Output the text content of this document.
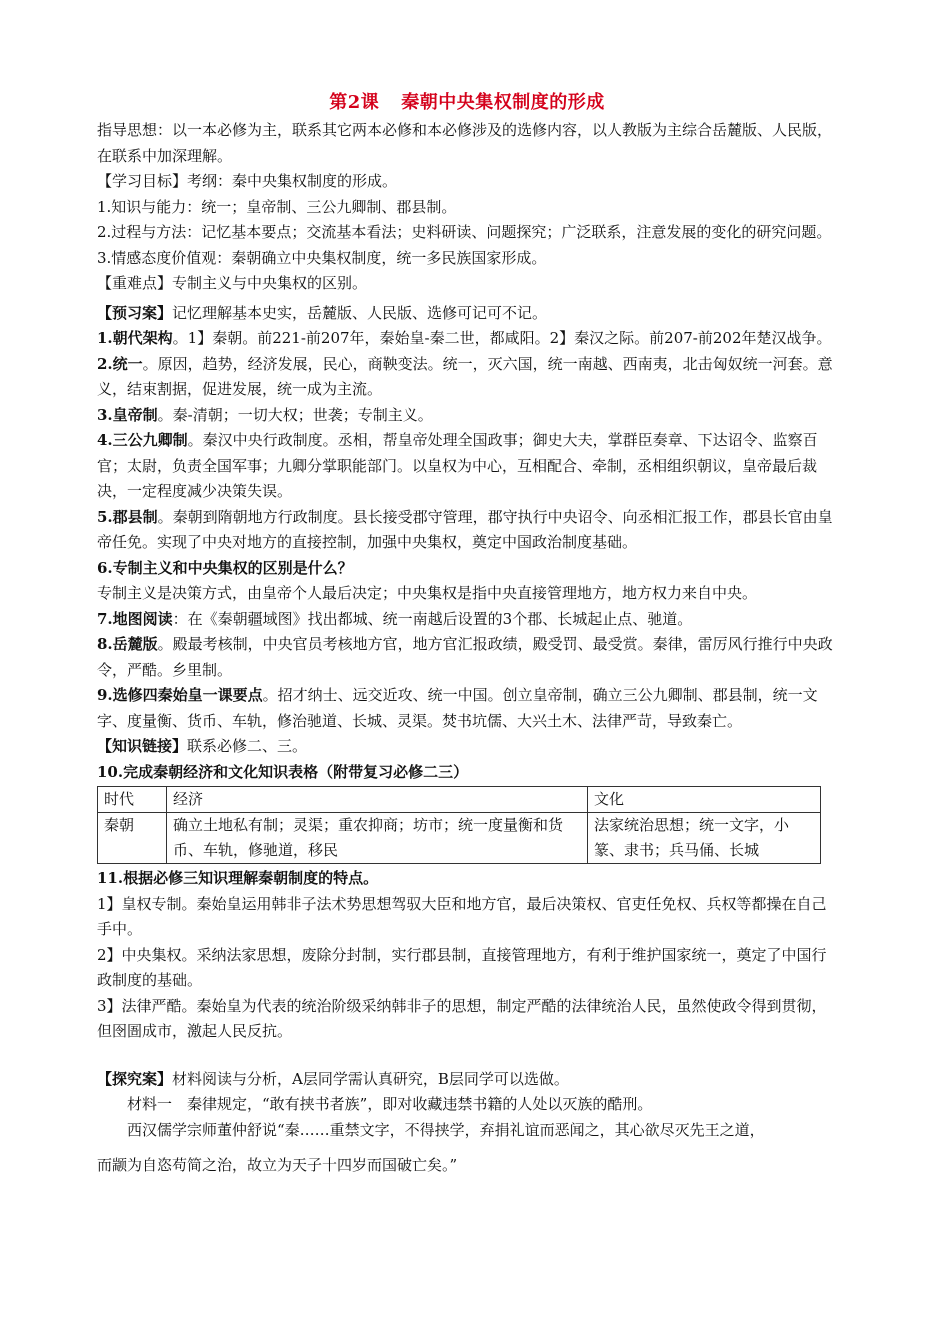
第2课 秦朝中央集权制度的形成

指导思想：以一本必修为主，联系其它两本必修和本必修涉及的选修内容，以人教版为主综合岳麓版、人民版，在联系中加深理解。

【学习目标】考纲：秦中央集权制度的形成。

1.知识与能力：统一；皇帝制、三公九卿制、郡县制。

2.过程与方法：记忆基本要点；交流基本看法；史料研读、问题探究；广泛联系，注意发展的变化的研究问题。

3.情感态度价值观：秦朝确立中央集权制度，统一多民族国家形成。

【重难点】专制主义与中央集权的区别。

【预习案】记忆理解基本史实，岳麓版、人民版、选修可记可不记。

1.朝代架构。1】秦朝。前221-前207年，秦始皇-秦二世，都咸阳。2】秦汉之际。前207-前202年楚汉战争。

2.统一。原因，趋势，经济发展，民心，商鞅变法。统一，灭六国，统一南越、西南夷，北击匈奴统一河套。意义，结束割据，促进发展，统一成为主流。

3.皇帝制。秦-清朝；一切大权；世袭；专制主义。

4.三公九卿制。秦汉中央行政制度。丞相，帮皇帝处理全国政事；御史大夫，掌群臣奏章、下达诏令、监察百官；太尉，负责全国军事；九卿分掌职能部门。以皇权为中心，互相配合、牵制，丞相组织朝议，皇帝最后裁决，一定程度减少决策失误。

5.郡县制。秦朝到隋朝地方行政制度。县长接受郡守管理，郡守执行中央诏令、向丞相汇报工作，郡县长官由皇帝任免。实现了中央对地方的直接控制，加强中央集权，奠定中国政治制度基础。

6.专制主义和中央集权的区别是什么？

专制主义是决策方式，由皇帝个人最后决定；中央集权是指中央直接管理地方，地方权力来自中央。

7.地图阅读：在《秦朝疆域图》找出都城、统一南越后设置的3个郡、长城起止点、驰道。

8.岳麓版。殿最考核制，中央官员考核地方官，地方官汇报政绩，殿受罚、最受赏。秦律，雷厉风行推行中央政令，严酷。乡里制。

9.选修四秦始皇一课要点。招才纳士、远交近攻、统一中国。创立皇帝制，确立三公九卿制、郡县制，统一文字、度量衡、货币、车轨，修治驰道、长城、灵渠。焚书坑儒、大兴土木、法律严苛，导致秦亡。

【知识链接】联系必修二、三。

10.完成秦朝经济和文化知识表格（附带复习必修二三）

时代	经济	文化
秦朝	确立土地私有制；灵渠；重农抑商；坊市；统一度量衡和货币、车轨，修驰道，移民	法家统治思想；统一文字，小篆、隶书；兵马俑、长城

11.根据必修三知识理解秦朝制度的特点。

1】皇权专制。秦始皇运用韩非子法术势思想驾驭大臣和地方官，最后决策权、官吏任免权、兵权等都操在自己手中。

2】中央集权。采纳法家思想，废除分封制，实行郡县制，直接管理地方，有利于维护国家统一，奠定了中国行政制度的基础。

3】法律严酷。秦始皇为代表的统治阶级采纳韩非子的思想，制定严酷的法律统治人民，虽然使政令得到贯彻，但囹圄成市，激起人民反抗。

【探究案】材料阅读与分析，A层同学需认真研究，B层同学可以选做。

材料一　秦律规定，“敢有挟书者族”，即对收藏违禁书籍的人处以灭族的酷刑。

西汉儒学宗师董仲舒说“秦……重禁文字，不得挟学，弃捐礼谊而恶闻之，其心欲尽灭先王之道，

而颛为自恣苟简之治，故立为天子十四岁而国破亡矣。”
